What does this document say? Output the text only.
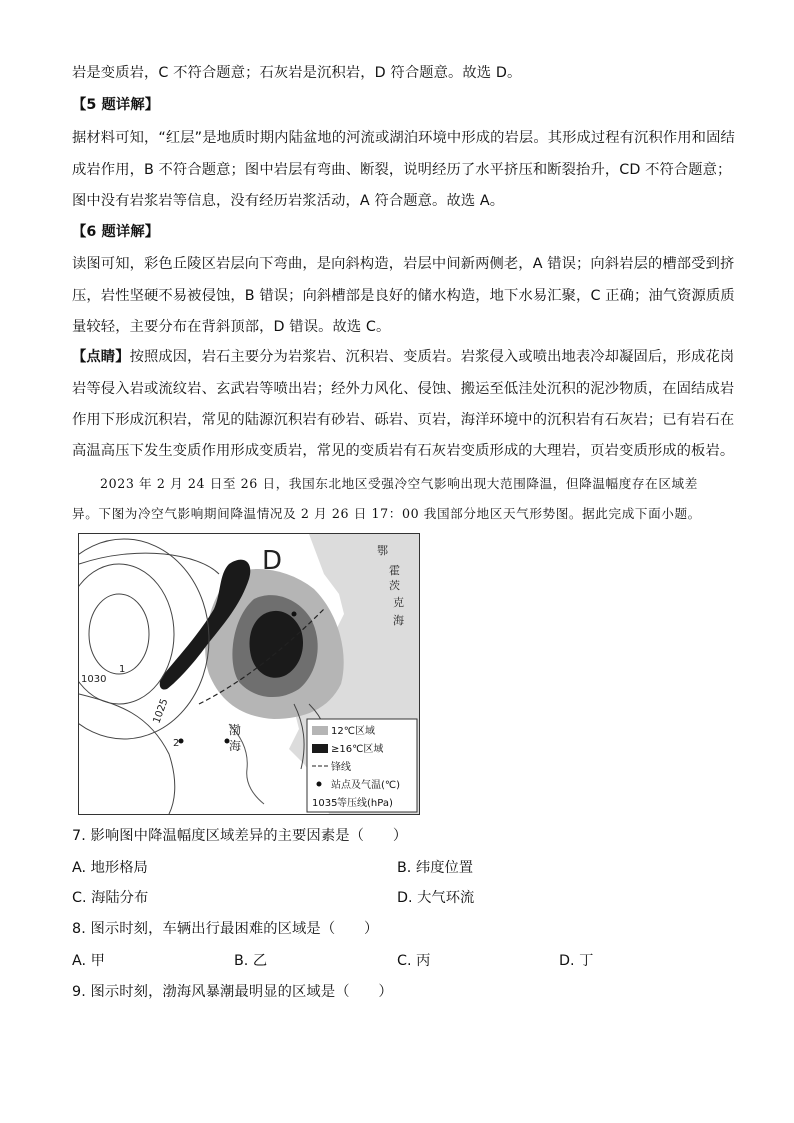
岩是变质岩，C 不符合题意；石灰岩是沉积岩，D 符合题意。故选 D。
【5 题详解】
据材料可知，“红层”是地质时期内陆盆地的河流或湖泊环境中形成的岩层。其形成过程有沉积作用和固结
成岩作用，B 不符合题意；图中岩层有弯曲、断裂，说明经历了水平挤压和断裂抬升，CD 不符合题意；
图中没有岩浆岩等信息，没有经历岩浆活动，A 符合题意。故选 A。
【6 题详解】
读图可知，彩色丘陵区岩层向下弯曲，是向斜构造，岩层中间新两侧老，A 错误；向斜岩层的槽部受到挤
压，岩性坚硬不易被侵蚀，B 错误；向斜槽部是良好的储水构造，地下水易汇聚，C 正确；油气资源质质
量较轻，主要分布在背斜顶部，D 错误。故选 C。
【点睛】按照成因，岩石主要分为岩浆岩、沉积岩、变质岩。岩浆侵入或喷出地表冷却凝固后，形成花岗
岩等侵入岩或流纹岩、玄武岩等喷出岩；经外力风化、侵蚀、搬运至低洼处沉积的泥沙物质，在固结成岩
作用下形成沉积岩，常见的陆源沉积岩有砂岩、砾岩、页岩，海洋环境中的沉积岩有石灰岩；已有岩石在
高温高压下发生变质作用形成变质岩，常见的变质岩有石灰岩变质形成的大理岩，页岩变质形成的板岩。
2023 年 2 月 24 日至 26 日，我国东北地区受强冷空气影响出现大范围降温，但降温幅度存在区域差
异。下图为冷空气影响期间降温情况及 2 月 26 日 17：00 我国部分地区天气形势图。据此完成下面小题。
12℃区域
≥16℃区域
锋线
站点及气温(℃)
1035 等压线(hPa)
D	鄂
霍
茨
克
海
渤
海
1030
1025
1
2
7. 影响图中降温幅度区域差异的主要因素是（　　）
A. 地形格局	B. 纬度位置
C. 海陆分布	D. 大气环流
8. 图示时刻，车辆出行最困难的区域是（　　）
A. 甲	B. 乙	C. 丙	D. 丁
9. 图示时刻，渤海风暴潮最明显的区域是（　　）
